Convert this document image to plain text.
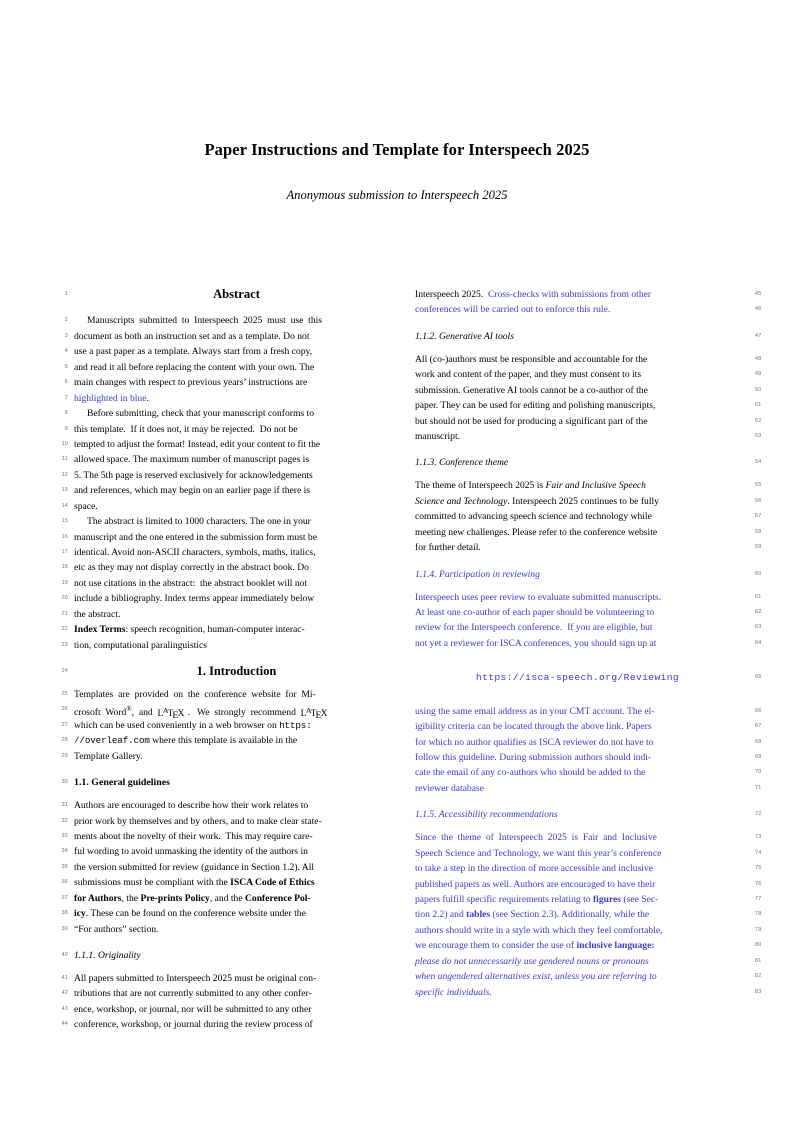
Paper Instructions and Template for Interspeech 2025
Anonymous submission to Interspeech 2025
1	Abstract
2	Manuscripts  submitted  to  Interspeech  2025  must  use  this
3 document as both an instruction set and as a template. Do not
4 use a past paper as a template. Always start from a fresh copy,
5 and read it all before replacing the content with your own. The
6 main changes with respect to previous years’ instructions are
7 highlighted in blue.
8	Before submitting, check that your manuscript conforms to
9 this template.  If it does not, it may be rejected.  Do not be
10 tempted to adjust the format! Instead, edit your content to fit the
11 allowed space. The maximum number of manuscript pages is
12 5. The 5th page is reserved exclusively for acknowledgements
13 and references, which may begin on an earlier page if there is
14 space.
15	The abstract is limited to 1000 characters. The one in your
16 manuscript and the one entered in the submission form must be
17 identical. Avoid non-ASCII characters, symbols, maths, italics,
18 etc as they may not display correctly in the abstract book. Do
19 not use citations in the abstract:  the abstract booklet will not
20 include a bibliography. Index terms appear immediately below
21 the abstract.
22 Index Terms: speech recognition, human-computer interac-
23 tion, computational paralinguistics
24	1. Introduction
25 Templates  are  provided  on  the  conference  website  for  Mi-
26 crosoft  Word®,  and  $L^ATEX$ .   We  strongly  recommend  $L^ATEX$
27 which can be used conveniently in a web browser on https:
28 //overleaf.com where this template is available in the
29 Template Gallery.
30 1.1. General guidelines
31 Authors are encouraged to describe how their work relates to
32 prior work by themselves and by others, and to make clear state-
33 ments about the novelty of their work.  This may require care-
34 ful wording to avoid unmasking the identity of the authors in
35 the version submitted for review (guidance in Section 1.2). All
36 submissions must be compliant with the ISCA Code of Ethics
37 for Authors, the Pre-prints Policy, and the Conference Pol-
38 icy. These can be found on the conference website under the
39 “For authors” section.
40 1.1.1. Originality
41 All papers submitted to Interspeech 2025 must be original con-
42 tributions that are not currently submitted to any other confer-
43 ence, workshop, or journal, nor will be submitted to any other
44 conference, workshop, or journal during the review process of
45
Interspeech 2025.  Cross-checks with submissions from other
46
conferences will be carried out to enforce this rule.
47
1.1.2. Generative AI tools
48
All (co-)authors must be responsible and accountable for the
49
work and content of the paper, and they must consent to its
50
submission. Generative AI tools cannot be a co-author of the
51
paper. They can be used for editing and polishing manuscripts,
52
but should not be used for producing a significant part of the
53
manuscript.
54
1.1.3. Conference theme
55
The theme of Interspeech 2025 is Fair and Inclusive Speech
56
Science and Technology. Interspeech 2025 continues to be fully
57
committed to advancing speech science and technology while
58
meeting new challenges. Please refer to the conference website
59
for further detail.
60
1.1.4. Participation in reviewing
61
Interspeech uses peer review to evaluate submitted manuscripts.
62
At least one co-author of each paper should be volunteering to
63
review for the Interspeech conference.  If you are eligible, but
64
not yet a reviewer for ISCA conferences, you should sign up at
65
https://isca-speech.org/Reviewing
66
using the same email address as in your CMT account. The el-
67
igibility criteria can be located through the above link. Papers
68
for which no author qualifies as ISCA reviewer do not have to
69
follow this guideline. During submission authors should indi-
70
cate the email of any co-authors who should be added to the
71
reviewer database
72
1.1.5. Accessibility recommendations
73
Since  the  theme  of  Interspeech  2025  is  Fair  and  Inclusive
74
Speech Science and Technology, we want this year’s conference
75
to take a step in the direction of more accessible and inclusive
76
published papers as well. Authors are encouraged to have their
77
papers fulfill specific requirements relating to figures (see Sec-
78
tion 2.2) and tables (see Section 2.3). Additionally, while the
79
authors should write in a style with which they feel comfortable,
80
we encourage them to consider the use of inclusive language:
81
please do not unnecessarily use gendered nouns or pronouns
82
when ungendered alternatives exist, unless you are referring to
83
specific individuals.
